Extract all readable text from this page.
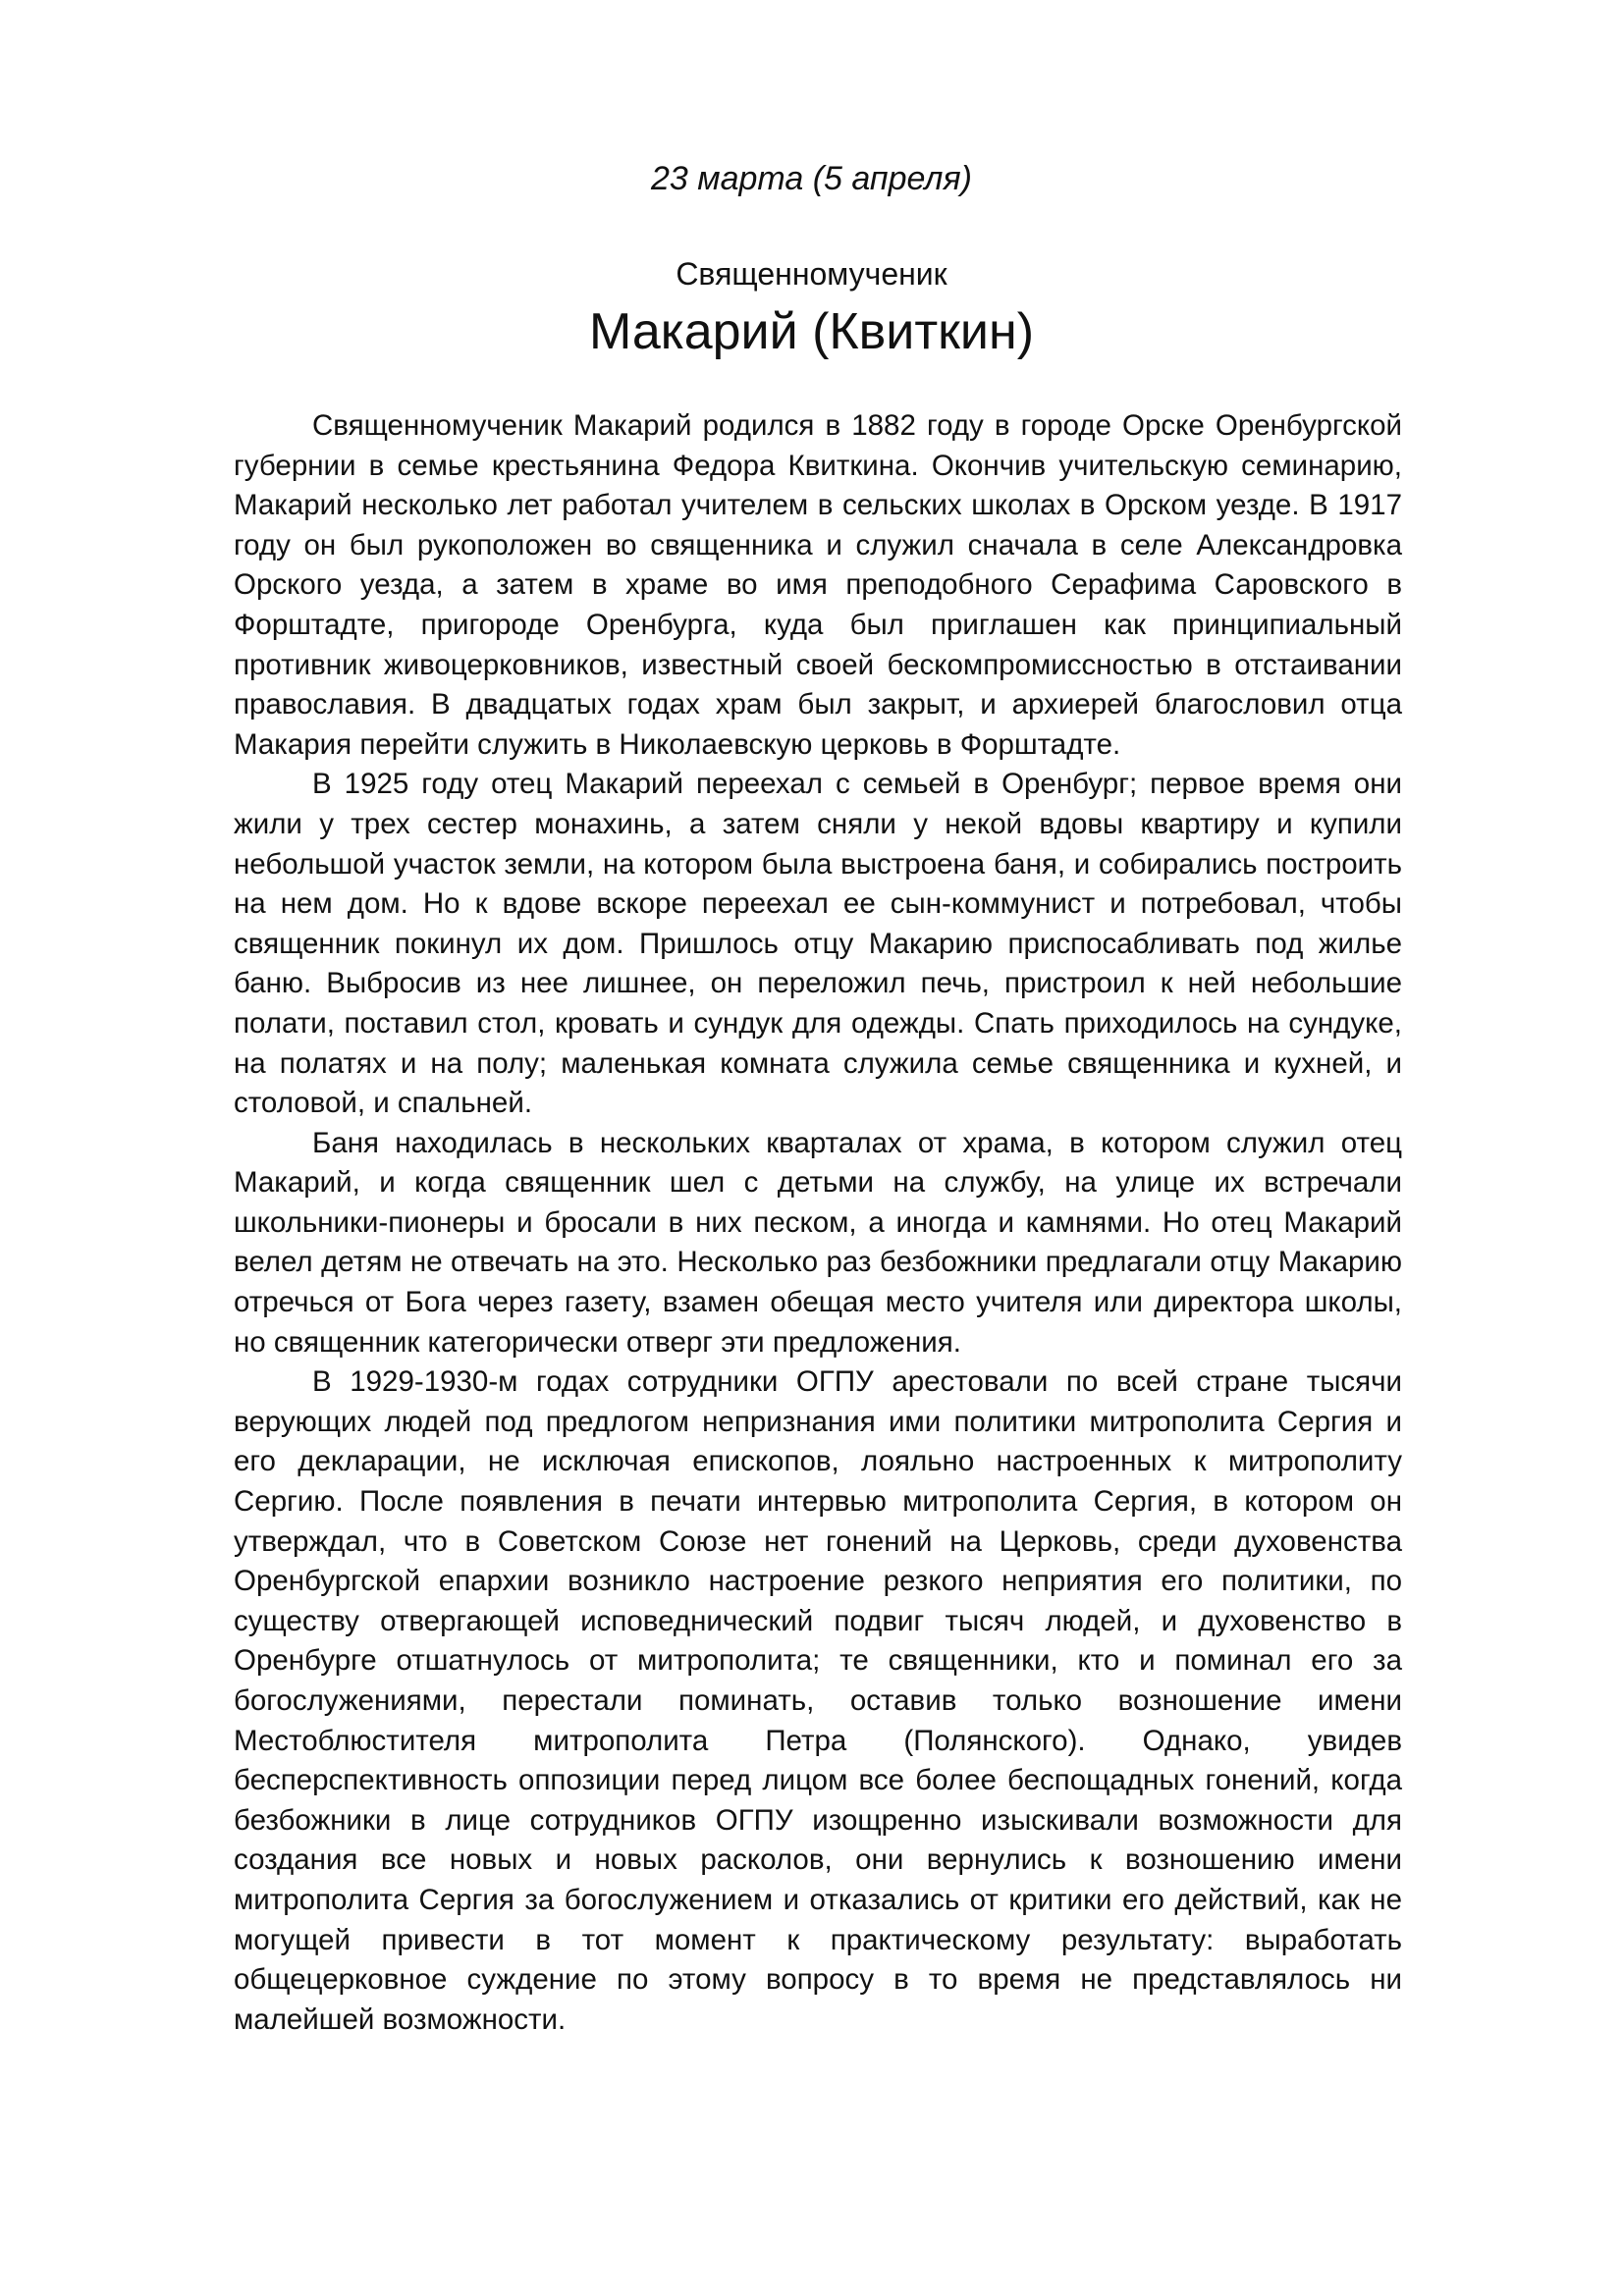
23 марта (5 апреля)
Священномученик
Макарий (Квиткин)

Священномученик Макарий родился в 1882 году в городе Орске Оренбургской губернии в семье крестьянина Федора Квиткина. Окончив учительскую семинарию, Макарий несколько лет работал учителем в сельских школах в Орском уезде. В 1917 году он был рукоположен во священника и служил сначала в селе Александровка Орского уезда, а затем в храме во имя преподобного Серафима Саровского в Форштадте, пригороде Оренбурга, куда был приглашен как принципиальный противник живоцерковников, известный своей бескомпромиссностью в отстаивании православия. В двадцатых годах храм был закрыт, и архиерей благословил отца Макария перейти служить в Николаевскую церковь в Форштадте.

В 1925 году отец Макарий переехал с семьей в Оренбург; первое время они жили у трех сестер монахинь, а затем сняли у некой вдовы квартиру и купили небольшой участок земли, на котором была выстроена баня, и собирались построить на нем дом. Но к вдове вскоре переехал ее сын-коммунист и потребовал, чтобы священник покинул их дом. Пришлось отцу Макарию приспосабливать под жилье баню. Выбросив из нее лишнее, он переложил печь, пристроил к ней небольшие полати, поставил стол, кровать и сундук для одежды. Спать приходилось на сундуке, на полатях и на полу; маленькая комната служила семье священника и кухней, и столовой, и спальней.

Баня находилась в нескольких кварталах от храма, в котором служил отец Макарий, и когда священник шел с детьми на службу, на улице их встречали школьники-пионеры и бросали в них песком, а иногда и камнями. Но отец Макарий велел детям не отвечать на это. Несколько раз безбожники предлагали отцу Макарию отречься от Бога через газету, взамен обещая место учителя или директора школы, но священник категорически отверг эти предложения.

В 1929-1930-м годах сотрудники ОГПУ арестовали по всей стране тысячи верующих людей под предлогом непризнания ими политики митрополита Сергия и его декларации, не исключая епископов, лояльно настроенных к митрополиту Сергию. После появления в печати интервью митрополита Сергия, в котором он утверждал, что в Советском Союзе нет гонений на Церковь, среди духовенства Оренбургской епархии возникло настроение резкого неприятия его политики, по существу отвергающей исповеднический подвиг тысяч людей, и духовенство в Оренбурге отшатнулось от митрополита; те священники, кто и поминал его за богослужениями, перестали поминать, оставив только возношение имени Местоблюстителя митрополита Петра (Полянского). Однако, увидев бесперспективность оппозиции перед лицом все более беспощадных гонений, когда безбожники в лице сотрудников ОГПУ изощренно изыскивали возможности для создания все новых и новых расколов, они вернулись к возношению имени митрополита Сергия за богослужением и отказались от критики его действий, как не могущей привести в тот момент к практическому результату: выработать общецерковное суждение по этому вопросу в то время не представлялось ни малейшей возможности.
